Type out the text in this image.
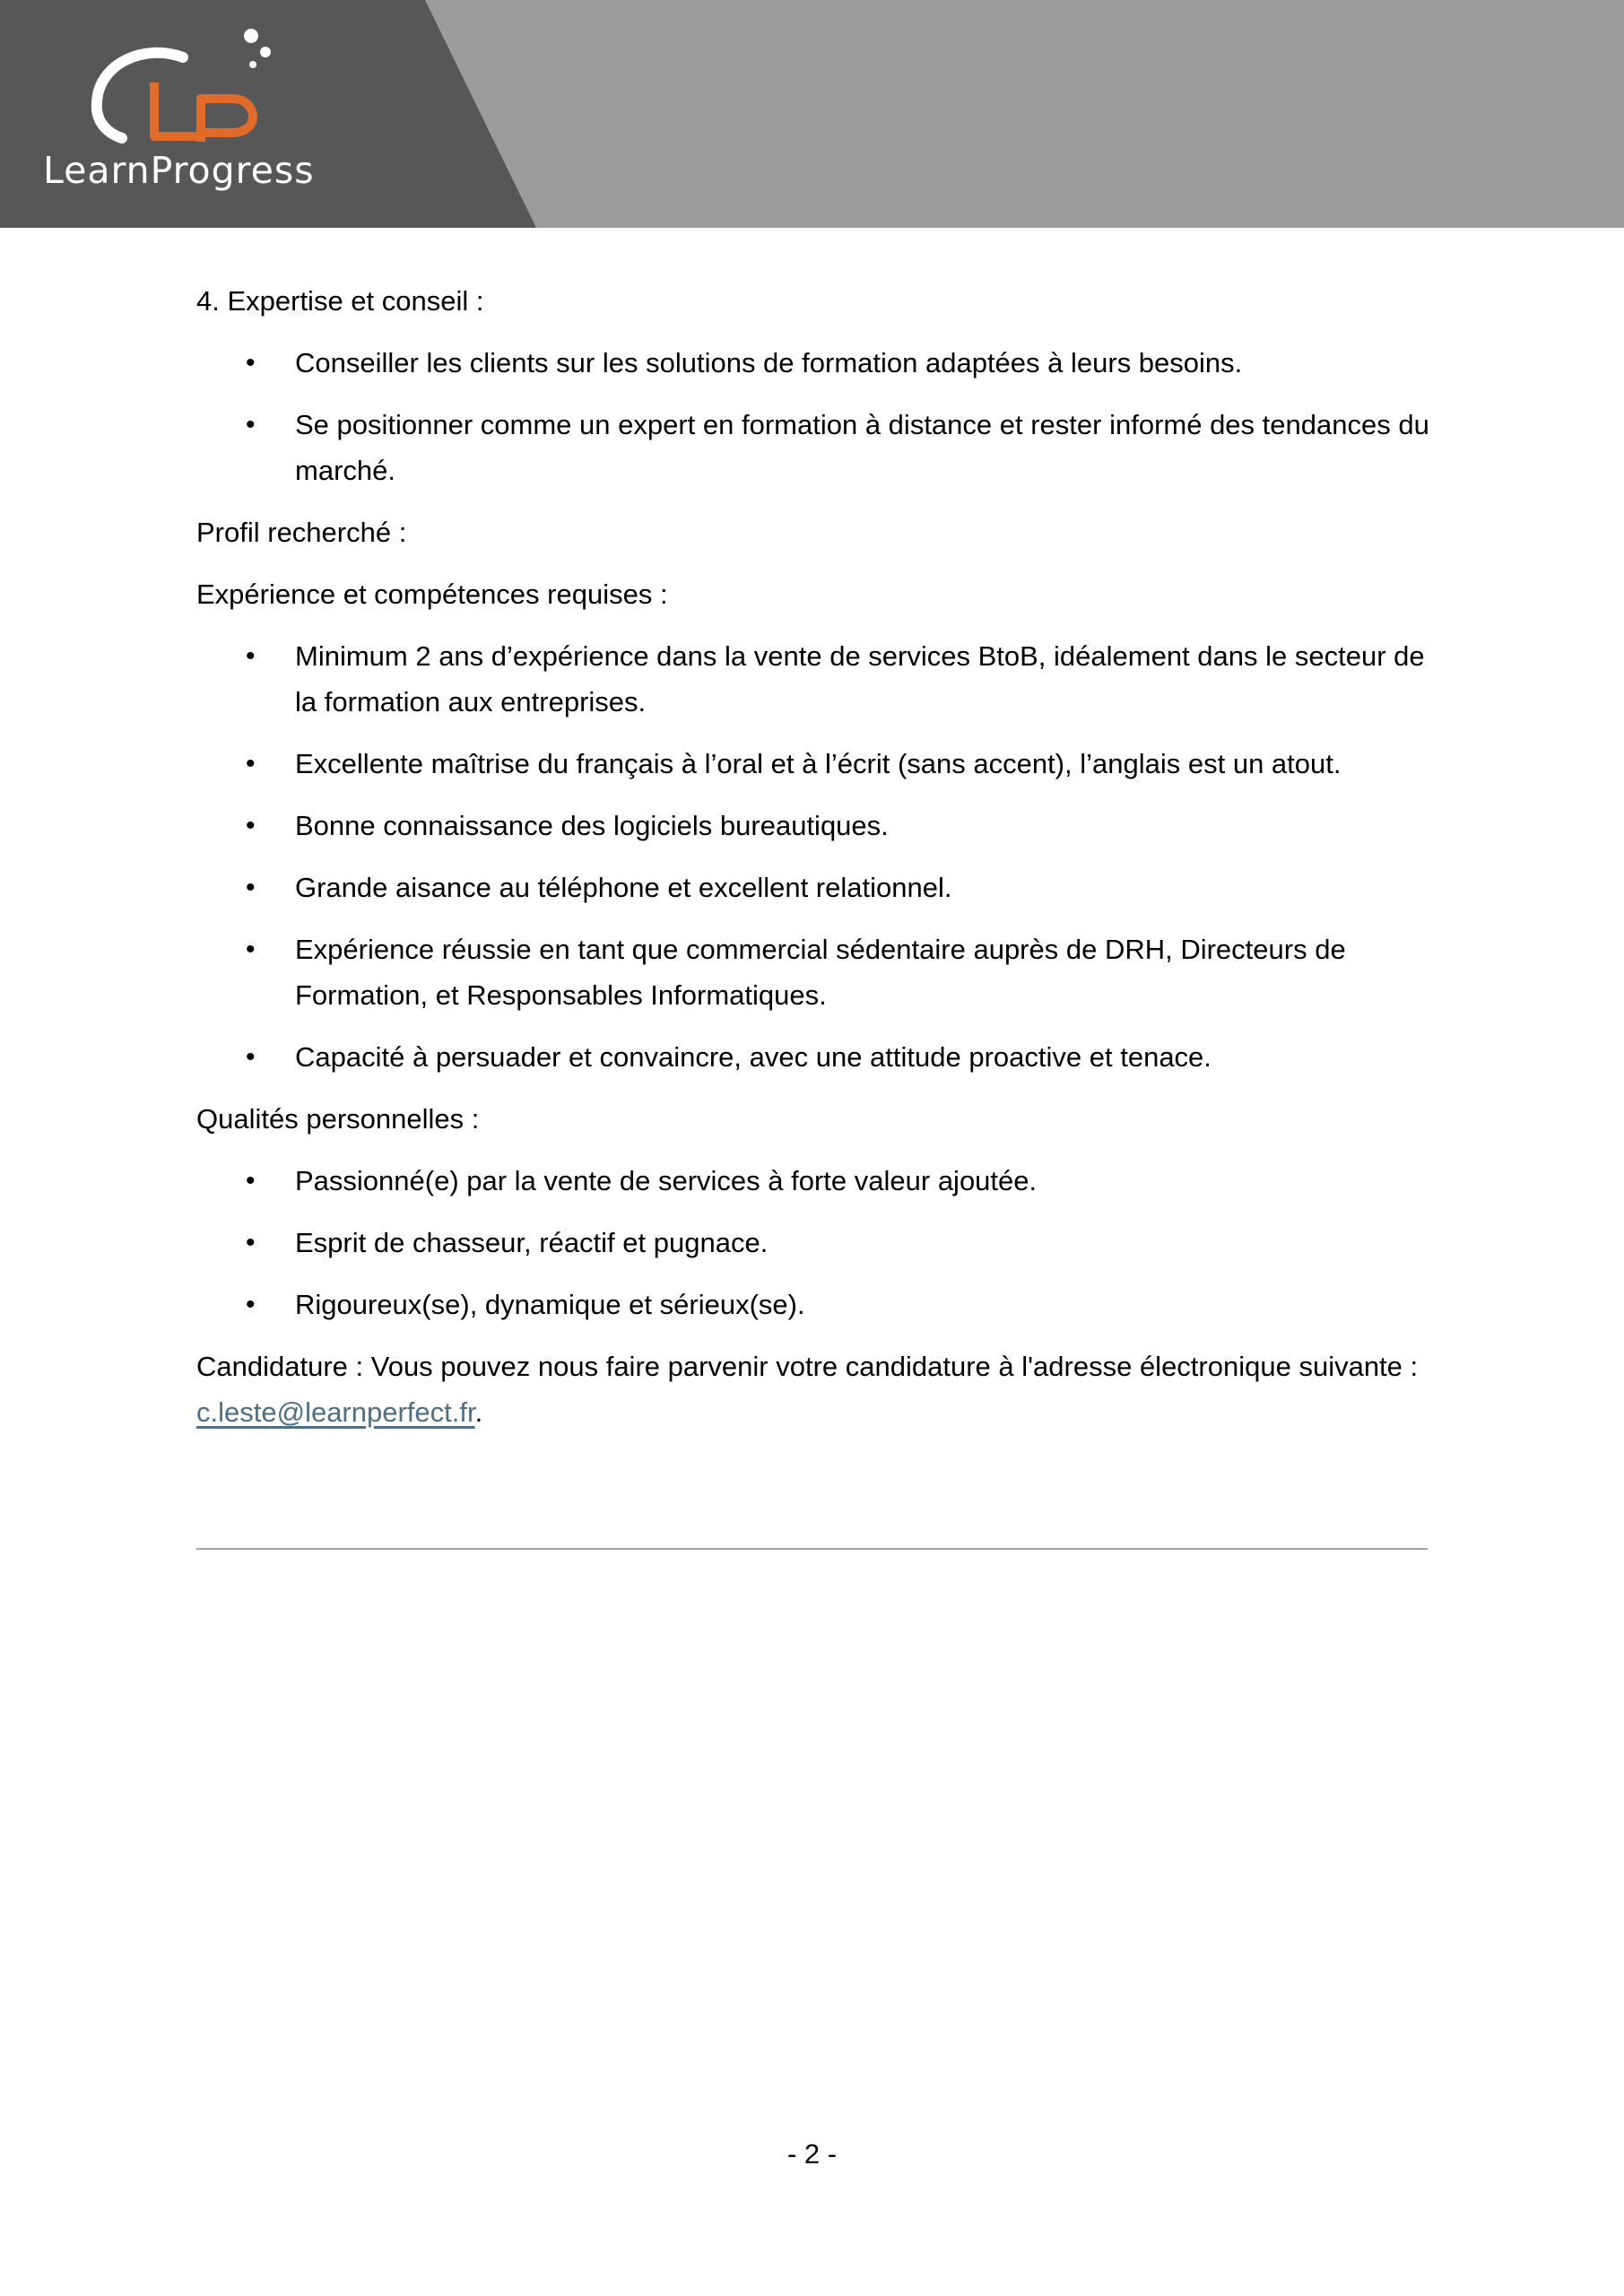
LearnProgress

4. Expertise et conseil :

• Conseiller les clients sur les solutions de formation adaptées à leurs besoins.
• Se positionner comme un expert en formation à distance et rester informé des tendances du marché.

Profil recherché :

Expérience et compétences requises :

• Minimum 2 ans d’expérience dans la vente de services BtoB, idéalement dans le secteur de la formation aux entreprises.
• Excellente maîtrise du français à l’oral et à l’écrit (sans accent), l’anglais est un atout.
• Bonne connaissance des logiciels bureautiques.
• Grande aisance au téléphone et excellent relationnel.
• Expérience réussie en tant que commercial sédentaire auprès de DRH, Directeurs de Formation, et Responsables Informatiques.
• Capacité à persuader et convaincre, avec une attitude proactive et tenace.

Qualités personnelles :

• Passionné(e) par la vente de services à forte valeur ajoutée.
• Esprit de chasseur, réactif et pugnace.
• Rigoureux(se), dynamique et sérieux(se).

Candidature : Vous pouvez nous faire parvenir votre candidature à l'adresse électronique suivante : c.leste@learnperfect.fr.

- 2 -
